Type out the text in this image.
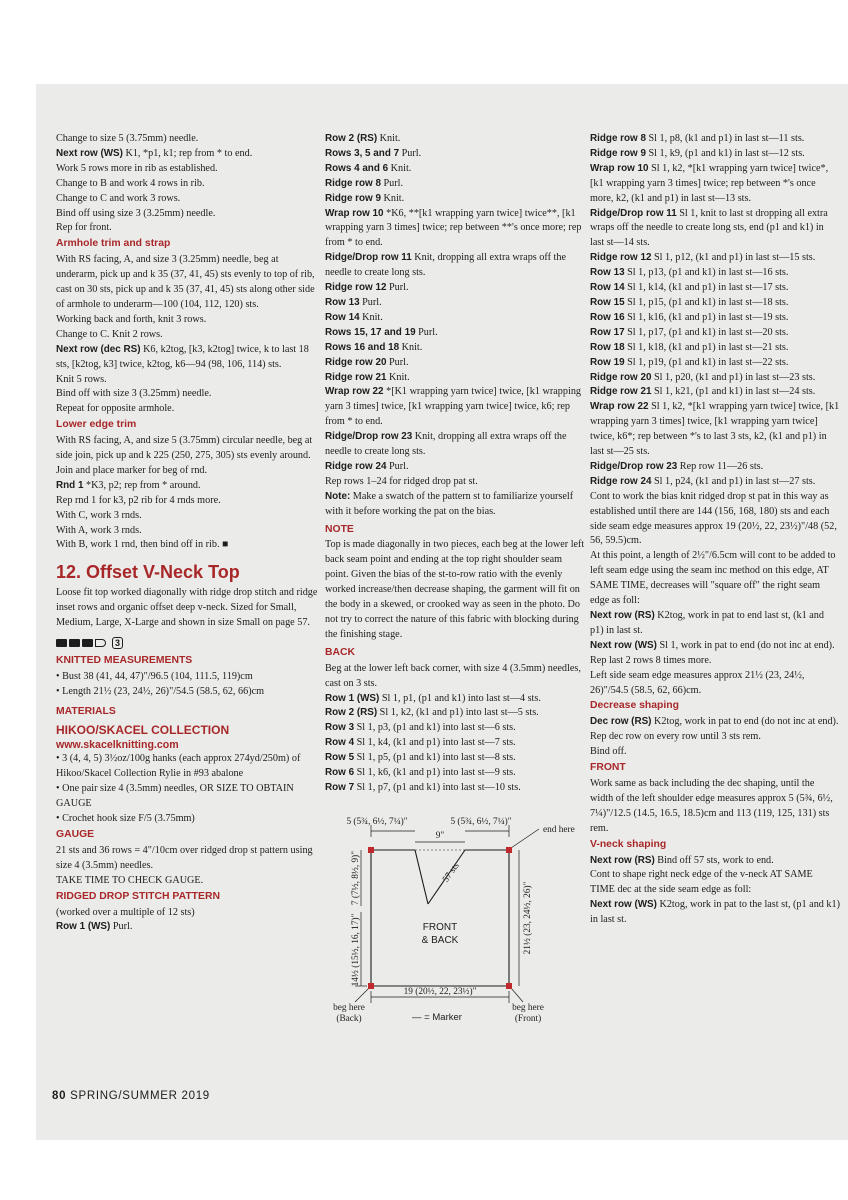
Change to size 5 (3.75mm) needle.

Next row (WS) K1, *p1, k1; rep from * to end.

Work 5 rows more in rib as established.

Change to B and work 4 rows in rib.

Change to C and work 3 rows.

Bind off using size 3 (3.25mm) needle.

Rep for front.

Armhole trim and strap

With RS facing, A, and size 3 (3.25mm) needle, beg at underarm, pick up and k 35 (37, 41, 45) sts evenly to top of rib, cast on 30 sts, pick up and k 35 (37, 41, 45) sts along other side of armhole to underarm—100 (104, 112, 120) sts.

Working back and forth, knit 3 rows.

Change to C. Knit 2 rows.

Next row (dec RS) K6, k2tog, [k3, k2tog] twice, k to last 18 sts, [k2tog, k3] twice, k2tog, k6—94 (98, 106, 114) sts.

Knit 5 rows.

Bind off with size 3 (3.25mm) needle.

Repeat for opposite armhole.

Lower edge trim

With RS facing, A, and size 5 (3.75mm) circular needle, beg at side join, pick up and k 225 (250, 275, 305) sts evenly around. Join and place marker for beg of rnd.

Rnd 1 *K3, p2; rep from * around.

Rep rnd 1 for k3, p2 rib for 4 rnds more.

With C, work 3 rnds.

With A, work 3 rnds.

With B, work 1 rnd, then bind off in rib. ■

12. Offset V-Neck Top

Loose fit top worked diagonally with ridge drop stitch and ridge inset rows and organic offset deep v-neck. Sized for Small, Medium, Large, X-Large and shown in size Small on page 57.

3
KNITTED MEASUREMENTS

• Bust 38 (41, 44, 47)"/96.5 (104, 111.5, 119)cm

• Length 21½ (23, 24½, 26)"/54.5 (58.5, 62, 66)cm

MATERIALS
HIKOO/SKACEL COLLECTION
www.skacelknitting.com

• 3 (4, 4, 5) 3½oz/100g hanks (each approx 274yd/250m) of Hikoo/Skacel Collection Rylie in #93 abalone

• One pair size 4 (3.5mm) needles, OR SIZE TO OBTAIN GAUGE

• Crochet hook size F/5 (3.75mm)

GAUGE

21 sts and 36 rows = 4"/10cm over ridged drop st pattern using size 4 (3.5mm) needles.

TAKE TIME TO CHECK GAUGE.

RIDGED DROP STITCH PATTERN

(worked over a multiple of 12 sts)

Row 1 (WS) Purl.

Row 2 (RS) Knit.

Rows 3, 5 and 7 Purl.

Rows 4 and 6 Knit.

Ridge row 8 Purl.

Ridge row 9 Knit.

Wrap row 10 *K6, **[k1 wrapping yarn twice] twice**, [k1 wrapping yarn 3 times] twice; rep between **'s once more; rep from * to end.

Ridge/Drop row 11 Knit, dropping all extra wraps off the needle to create long sts.

Ridge row 12 Purl.

Row 13 Purl.

Row 14 Knit.

Rows 15, 17 and 19 Purl.

Rows 16 and 18 Knit.

Ridge row 20 Purl.

Ridge row 21 Knit.

Wrap row 22 *[K1 wrapping yarn twice] twice, [k1 wrapping yarn 3 times] twice, [k1 wrapping yarn twice] twice, k6; rep from * to end.

Ridge/Drop row 23 Knit, dropping all extra wraps off the needle to create long sts.

Ridge row 24 Purl.

Rep rows 1–24 for ridged drop pat st.

Note: Make a swatch of the pattern st to familiarize yourself with it before working the pat on the bias.

NOTE

Top is made diagonally in two pieces, each beg at the lower left back seam point and ending at the top right shoulder seam point. Given the bias of the st-to-row ratio with the evenly worked increase/then decrease shaping, the garment will fit on the body in a skewed, or crooked way as seen in the photo. Do not try to correct the nature of this fabric with blocking during the finishing stage.

BACK

Beg at the lower left back corner, with size 4 (3.5mm) needles, cast on 3 sts.

Row 1 (WS) Sl 1, p1, (p1 and k1) into last st—4 sts.

Row 2 (RS) Sl 1, k2, (k1 and p1) into last st—5 sts.

Row 3 Sl 1, p3, (p1 and k1) into last st—6 sts.

Row 4 Sl 1, k4, (k1 and p1) into last st—7 sts.

Row 5 Sl 1, p5, (p1 and k1) into last st—8 sts.

Row 6 Sl 1, k6, (k1 and p1) into last st—9 sts.

Row 7 Sl 1, p7, (p1 and k1) into last st—10 sts.

5 (5¾, 6½, 7¼)"	5 (5¾, 6½, 7¼)"
9"
57 sts
end here
7 (7½, 8½, 9)"
14½ (15½, 16, 17)"	21½ (23, 24½, 26)"
FRONT
& BACK
19 (20½, 22, 23½)"
beg here
(Back)
beg here
(Front)
— = Marker

Ridge row 8 Sl 1, p8, (k1 and p1) in last st—11 sts.

Ridge row 9 Sl 1, k9, (p1 and k1) in last st—12 sts.

Wrap row 10 Sl 1, k2, *[k1 wrapping yarn twice] twice*, [k1 wrapping yarn 3 times] twice; rep between *'s once more, k2, (k1 and p1) in last st—13 sts.

Ridge/Drop row 11 Sl 1, knit to last st dropping all extra wraps off the needle to create long sts, end (p1 and k1) in last st—14 sts.

Ridge row 12 Sl 1, p12, (k1 and p1) in last st—15 sts.

Row 13 Sl 1, p13, (p1 and k1) in last st—16 sts.

Row 14 Sl 1, k14, (k1 and p1) in last st—17 sts.

Row 15 Sl 1, p15, (p1 and k1) in last st—18 sts.

Row 16 Sl 1, k16, (k1 and p1) in last st—19 sts.

Row 17 Sl 1, p17, (p1 and k1) in last st—20 sts.

Row 18 Sl 1, k18, (k1 and p1) in last st—21 sts.

Row 19 Sl 1, p19, (p1 and k1) in last st—22 sts.

Ridge row 20 Sl 1, p20, (k1 and p1) in last st—23 sts.

Ridge row 21 Sl 1, k21, (p1 and k1) in last st—24 sts.

Wrap row 22 Sl 1, k2, *[k1 wrapping yarn twice] twice, [k1 wrapping yarn 3 times] twice, [k1 wrapping yarn twice] twice, k6*; rep between *'s to last 3 sts, k2, (k1 and p1) in last st—25 sts.

Ridge/Drop row 23 Rep row 11—26 sts.

Ridge row 24 Sl 1, p24, (k1 and p1) in last st—27 sts.

Cont to work the bias knit ridged drop st pat in this way as established until there are 144 (156, 168, 180) sts and each side seam edge measures approx 19 (20½, 22, 23½)"/48 (52, 56, 59.5)cm.

At this point, a length of 2½"/6.5cm will cont to be added to left seam edge using the seam inc method on this edge, AT SAME TIME, decreases will "square off" the right seam edge as foll:

Next row (RS) K2tog, work in pat to end last st, (k1 and p1) in last st.

Next row (WS) Sl 1, work in pat to end (do not inc at end).

Rep last 2 rows 8 times more.

Left side seam edge measures approx 21½ (23, 24½, 26)"/54.5 (58.5, 62, 66)cm.

Decrease shaping

Dec row (RS) K2tog, work in pat to end (do not inc at end).

Rep dec row on every row until 3 sts rem.

Bind off.

FRONT

Work same as back including the dec shaping, until the width of the left shoulder edge measures approx 5 (5¾, 6½, 7¼)"/12.5 (14.5, 16.5, 18.5)cm and 113 (119, 125, 131) sts rem.

V-neck shaping

Next row (RS) Bind off 57 sts, work to end.

Cont to shape right neck edge of the v-neck AT SAME TIME dec at the side seam edge as foll:

Next row (WS) K2tog, work in pat to the last st, (p1 and k1) in last st.

80 SPRING/SUMMER 2019
